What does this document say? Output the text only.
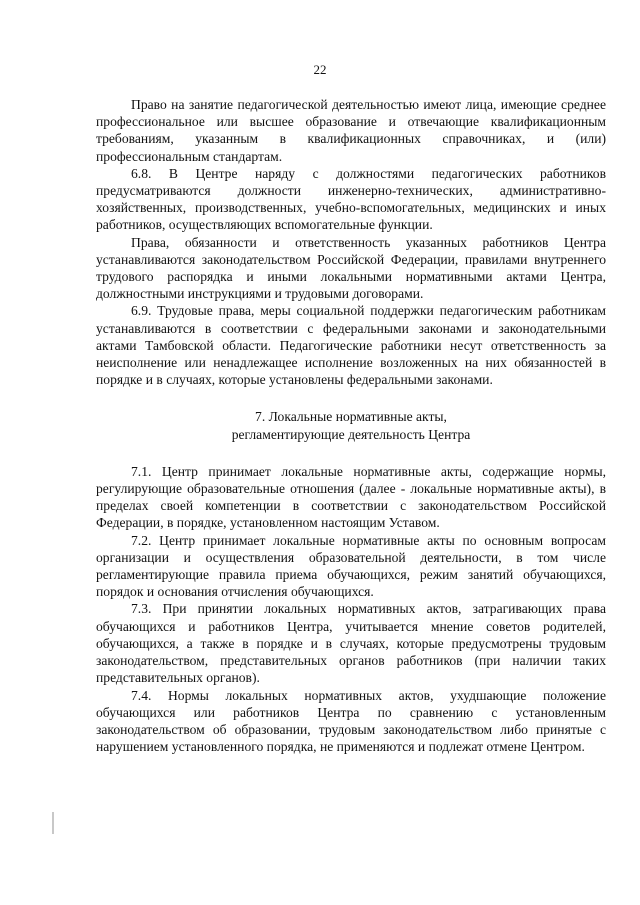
22

Право на занятие педагогической деятельностью имеют лица, имеющие среднее профессиональное или высшее образование и отвечающие квалификационным требованиям, указанным в квалификационных справочниках, и (или) профессиональным стандартам.

6.8. В Центре наряду с должностями педагогических работников предусматриваются должности инженерно-технических, административно-хозяйственных, производственных, учебно-вспомогательных, медицинских и иных работников, осуществляющих вспомогательные функции.

Права, обязанности и ответственность указанных работников Центра устанавливаются законодательством Российской Федерации, правилами внутреннего трудового распорядка и иными локальными нормативными актами Центра, должностными инструкциями и трудовыми договорами.

6.9. Трудовые права, меры социальной поддержки педагогическим работникам устанавливаются в соответствии с федеральными законами и законодательными актами Тамбовской области. Педагогические работники несут ответственность за неисполнение или ненадлежащее исполнение возложенных на них обязанностей в порядке и в случаях, которые установлены федеральными законами.

7. Локальные нормативные акты,
регламентирующие деятельность Центра

7.1. Центр принимает локальные нормативные акты, содержащие нормы, регулирующие образовательные отношения (далее - локальные нормативные акты), в пределах своей компетенции в соответствии с законодательством Российской Федерации, в порядке, установленном настоящим Уставом.

7.2. Центр принимает локальные нормативные акты по основным вопросам организации и осуществления образовательной деятельности, в том числе регламентирующие правила приема обучающихся, режим занятий обучающихся, порядок и основания отчисления обучающихся.

7.3. При принятии локальных нормативных актов, затрагивающих права обучающихся и работников Центра, учитывается мнение советов родителей, обучающихся, а также в порядке и в случаях, которые предусмотрены трудовым законодательством, представительных органов работников (при наличии таких представительных органов).

7.4. Нормы локальных нормативных актов, ухудшающие положение обучающихся или работников Центра по сравнению с установленным законодательством об образовании, трудовым законодательством либо принятые с нарушением установленного порядка, не применяются и подлежат отмене Центром.
